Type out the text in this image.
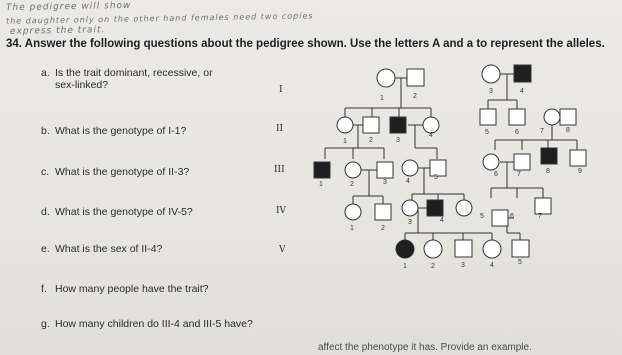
The pedigree will show
the daughter only on the other hand females need two copies
express the trait.
34. Answer the following questions about the pedigree shown. Use the letters A and a to represent the alleles.
a. Is the trait dominant, recessive, or
sex-linked?
b. What is the genotype of I-1?
c. What is the genotype of II-3?
d. What is the genotype of IV-5?
e. What is the sex of II-4?
f. How many people have the trait?
g. How many children do III-4 and III-5 have?
I
II
III
IV
V
1	2
3	4
1	2	3
4	5	6	7	8
1	2	3	4
5	6	7	8	9
1	2
3	4
5	6	7
1	2	3	4	5
affect the phenotype it has. Provide an example.
